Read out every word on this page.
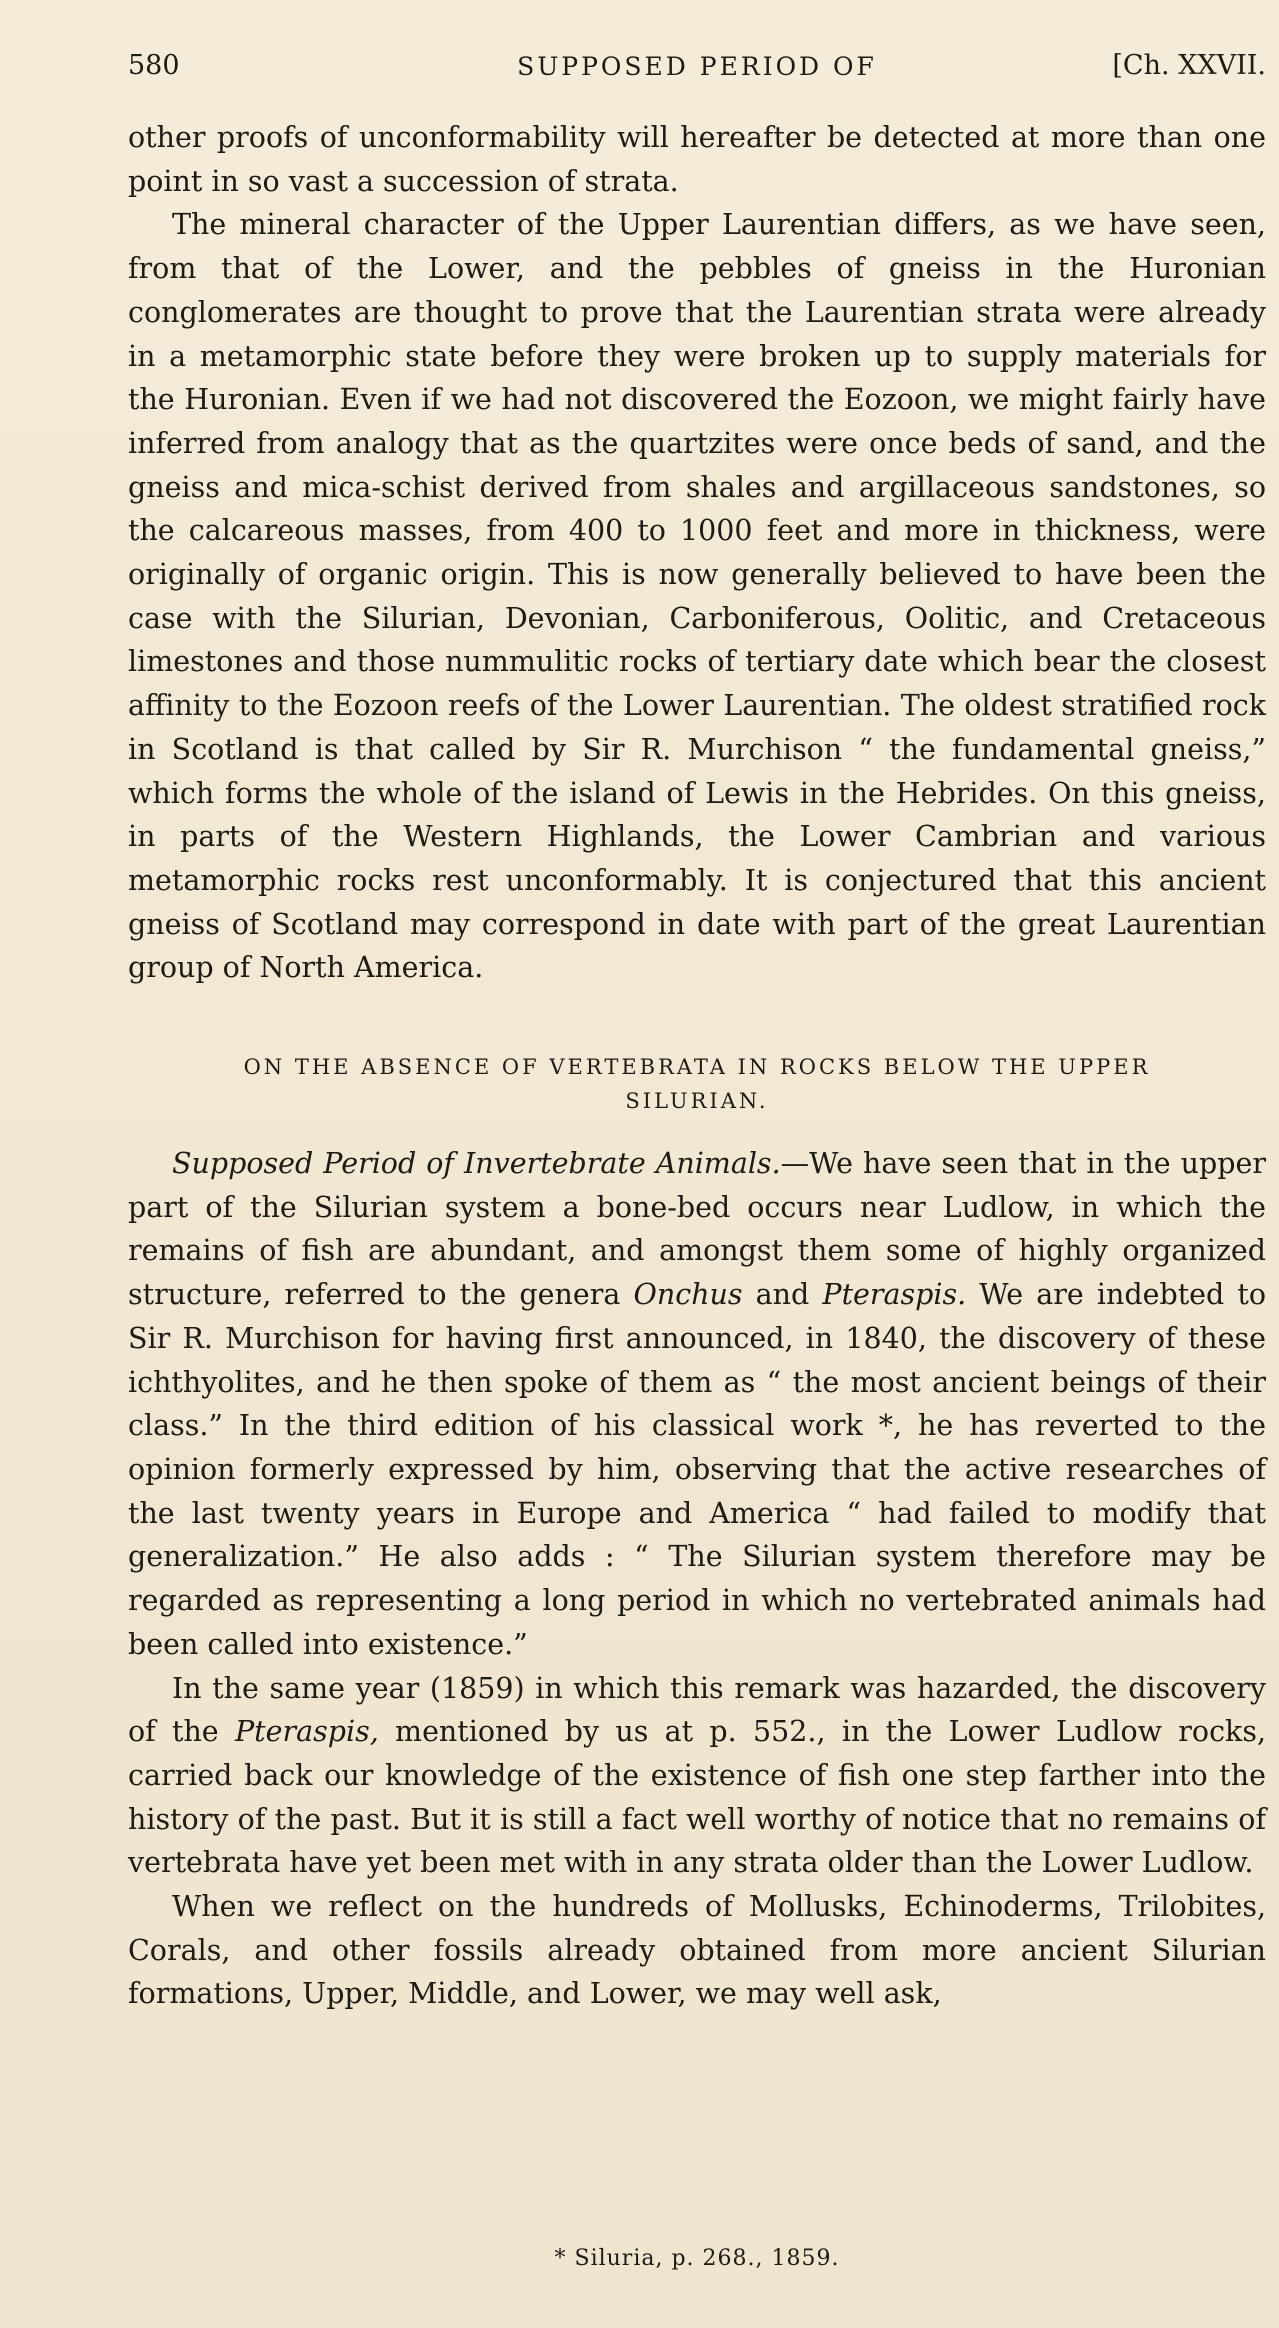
580	SUPPOSED PERIOD OF	[Ch. XXVII.

other proofs of unconformability will hereafter be detected at more than one point in so vast a succession of strata.

The mineral character of the Upper Laurentian differs, as we have seen, from that of the Lower, and the pebbles of gneiss in the Huronian conglomerates are thought to prove that the Laurentian strata were already in a metamorphic state before they were broken up to supply materials for the Huronian. Even if we had not discovered the Eozoon, we might fairly have inferred from analogy that as the quartzites were once beds of sand, and the gneiss and mica-schist derived from shales and argillaceous sandstones, so the calcareous masses, from 400 to 1000 feet and more in thickness, were originally of organic origin. This is now generally believed to have been the case with the Silurian, Devonian, Carboniferous, Oolitic, and Cretaceous limestones and those nummulitic rocks of tertiary date which bear the closest affinity to the Eozoon reefs of the Lower Laurentian. The oldest stratified rock in Scotland is that called by Sir R. Murchison “ the fundamental gneiss,” which forms the whole of the island of Lewis in the Hebrides. On this gneiss, in parts of the Western Highlands, the Lower Cambrian and various metamorphic rocks rest unconformably. It is conjectured that this ancient gneiss of Scotland may correspond in date with part of the great Laurentian group of North America.

ON THE ABSENCE OF VERTEBRATA IN ROCKS BELOW THE UPPER
SILURIAN.

Supposed Period of Invertebrate Animals.—We have seen that in the upper part of the Silurian system a bone-bed occurs near Ludlow, in which the remains of fish are abundant, and amongst them some of highly organized structure, referred to the genera Onchus and Pteraspis. We are indebted to Sir R. Murchison for having first announced, in 1840, the discovery of these ichthyolites, and he then spoke of them as “ the most ancient beings of their class.” In the third edition of his classical work *, he has reverted to the opinion formerly expressed by him, observing that the active researches of the last twenty years in Europe and America “ had failed to modify that generalization.” He also adds : “ The Silurian system therefore may be regarded as representing a long period in which no vertebrated animals had been called into existence.”

In the same year (1859) in which this remark was hazarded, the discovery of the Pteraspis, mentioned by us at p. 552., in the Lower Ludlow rocks, carried back our knowledge of the existence of fish one step farther into the history of the past. But it is still a fact well worthy of notice that no remains of vertebrata have yet been met with in any strata older than the Lower Ludlow.

When we reflect on the hundreds of Mollusks, Echinoderms, Trilobites, Corals, and other fossils already obtained from more ancient Silurian formations, Upper, Middle, and Lower, we may well ask,

* Siluria, p. 268., 1859.
